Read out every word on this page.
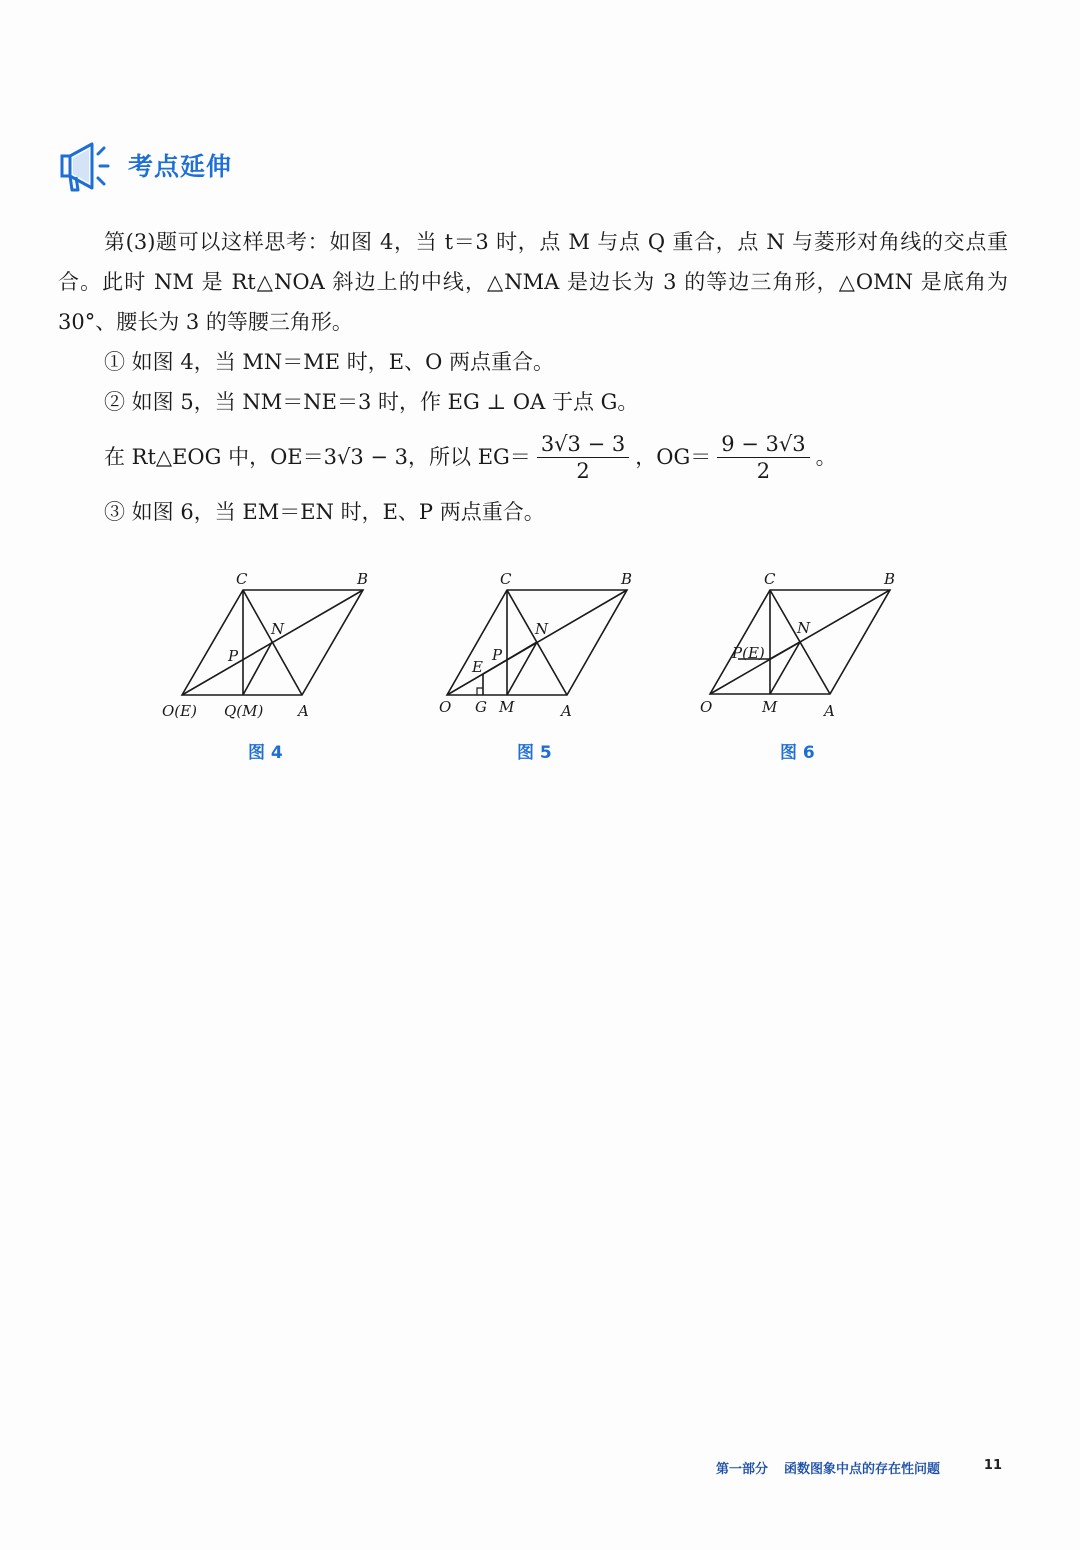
考点延伸

第(3)题可以这样思考：如图 4，当 t＝3 时，点 M 与点 Q 重合，点 N 与菱形对角线的交点重合。此时 NM 是 Rt△NOA 斜边上的中线，△NMA 是边长为 3 的等边三角形，△OMN 是底角为 30°、腰长为 3 的等腰三角形。

① 如图 4，当 MN＝ME 时，E、O 两点重合。

② 如图 5，当 NM＝NE＝3 时，作 EG ⊥ OA 于点 G。

在 Rt△EOG 中，OE＝3√3 − 3，所以 $EG= \frac{3√3 - 3}{2}$ ，$OG= \frac{9 - 3√3}{2}$ 。

③ 如图 6，当 EM＝EN 时，E、P 两点重合。

C	B
N
P
O(E) Q(M) A
图 4
C	B
N
P
E
O G M	A
图 5
C	B
N
P(E)
O	M	A
图 6
第一部分 函数图象中点的存在性问题	11
